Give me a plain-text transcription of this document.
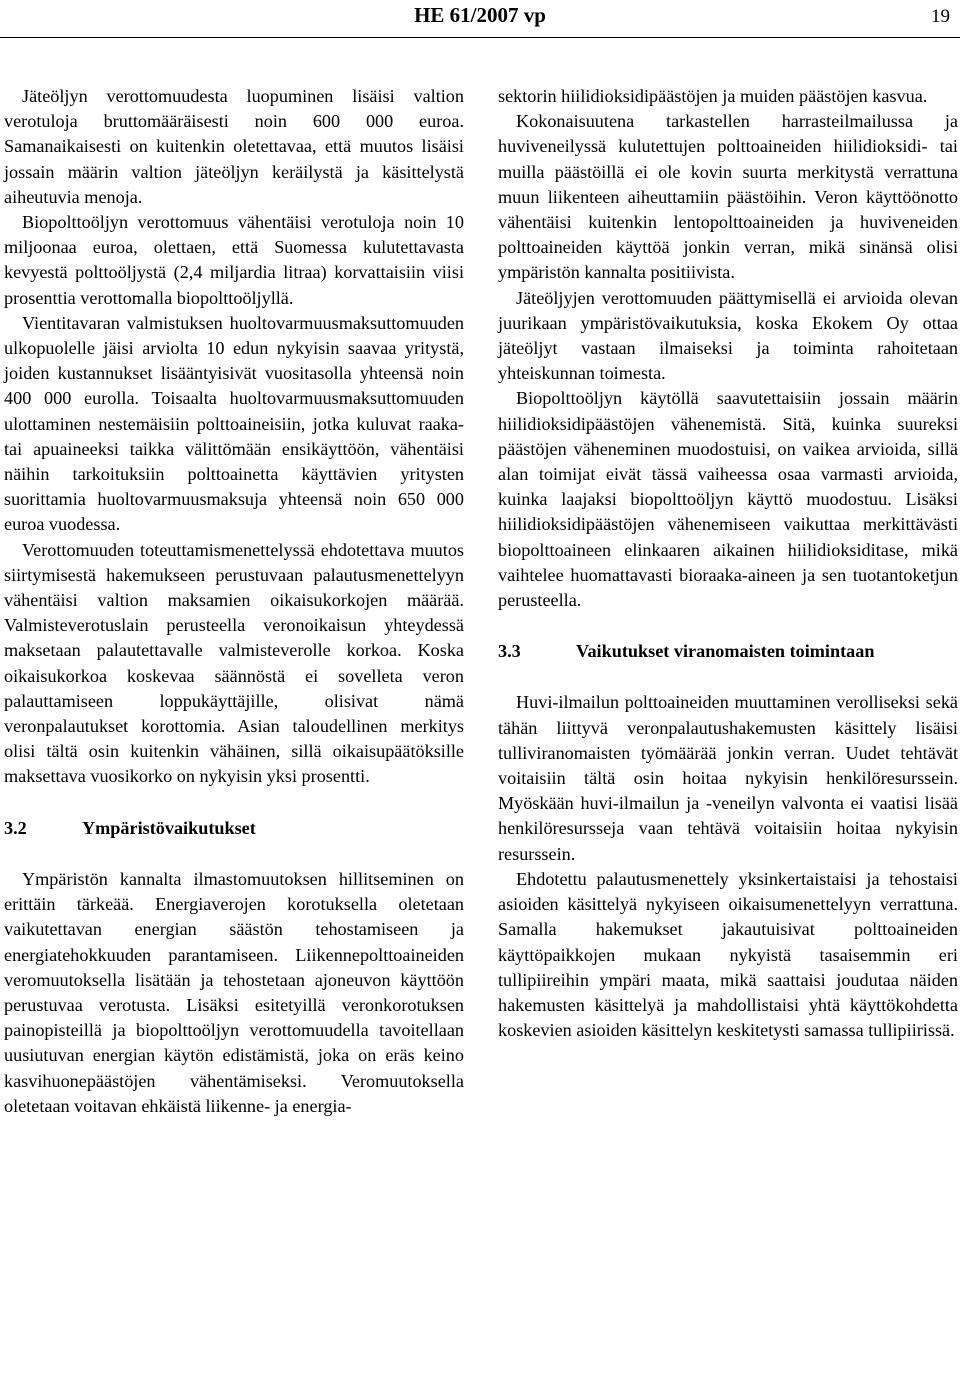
HE 61/2007 vp	19

Jäteöljyn verottomuudesta luopuminen lisäisi valtion verotuloja bruttomääräisesti noin 600 000 euroa. Samanaikaisesti on kuitenkin oletettavaa, että muutos lisäisi jossain määrin valtion jäteöljyn keräilystä ja käsittelystä aiheutuvia menoja.

Biopolttoöljyn verottomuus vähentäisi verotuloja noin 10 miljoonaa euroa, olettaen, että Suomessa kulutettavasta kevyestä polttoöljystä (2,4 miljardia litraa) korvattaisiin viisi prosenttia verottomalla biopolttoöljyllä.

Vientitavaran valmistuksen huoltovarmuusmaksuttomuuden ulkopuolelle jäisi arviolta 10 edun nykyisin saavaa yritystä, joiden kustannukset lisääntyisivät vuositasolla yhteensä noin 400 000 eurolla. Toisaalta huoltovarmuusmaksuttomuuden ulottaminen nestemäisiin polttoaineisiin, jotka kuluvat raaka- tai apuaineeksi taikka välittömään ensikäyttöön, vähentäisi näihin tarkoituksiin polttoainetta käyttävien yritysten suorittamia huoltovarmuusmaksuja yhteensä noin 650 000 euroa vuodessa.

Verottomuuden toteuttamismenettelyssä ehdotettava muutos siirtymisestä hakemukseen perustuvaan palautusmenettelyyn vähentäisi valtion maksamien oikaisukorkojen määrää. Valmisteverotuslain perusteella veronoikaisun yhteydessä maksetaan palautettavalle valmisteverolle korkoa. Koska oikaisukorkoa koskevaa säännöstä ei sovelleta veron palauttamiseen loppukäyttäjille, olisivat nämä veronpalautukset korottomia. Asian taloudellinen merkitys olisi tältä osin kuitenkin vähäinen, sillä oikaisupäätöksille maksettava vuosikorko on nykyisin yksi prosentti.

3.2	Ympäristövaikutukset

Ympäristön kannalta ilmastomuutoksen hillitseminen on erittäin tärkeää. Energiaverojen korotuksella oletetaan vaikutettavan energian säästön tehostamiseen ja energiatehokkuuden parantamiseen. Liikennepolttoaineiden veromuutoksella lisätään ja tehostetaan ajoneuvon käyttöön perustuvaa verotusta. Lisäksi esitetyillä veronkorotuksen painopisteillä ja biopolttoöljyn verottomuudella tavoitellaan uusiutuvan energian käytön edistämistä, joka on eräs keino kasvihuonepäästöjen vähentämiseksi. Veromuutoksella oletetaan voitavan ehkäistä liikenne- ja energia-

sektorin hiilidioksidipäästöjen ja muiden päästöjen kasvua.

Kokonaisuutena tarkastellen harrasteilmailussa ja huviveneilyssä kulutettujen polttoaineiden hiilidioksidi- tai muilla päästöillä ei ole kovin suurta merkitystä verrattuna muun liikenteen aiheuttamiin päästöihin. Veron käyttöönotto vähentäisi kuitenkin lentopolttoaineiden ja huviveneiden polttoaineiden käyttöä jonkin verran, mikä sinänsä olisi ympäristön kannalta positiivista.

Jäteöljyjen verottomuuden päättymisellä ei arvioida olevan juurikaan ympäristövaikutuksia, koska Ekokem Oy ottaa jäteöljyt vastaan ilmaiseksi ja toiminta rahoitetaan yhteiskunnan toimesta.

Biopolttoöljyn käytöllä saavutettaisiin jossain määrin hiilidioksidipäästöjen vähenemistä. Sitä, kuinka suureksi päästöjen väheneminen muodostuisi, on vaikea arvioida, sillä alan toimijat eivät tässä vaiheessa osaa varmasti arvioida, kuinka laajaksi biopolttoöljyn käyttö muodostuu. Lisäksi hiilidioksidipäästöjen vähenemiseen vaikuttaa merkittävästi biopolttoaineen elinkaaren aikainen hiilidioksiditase, mikä vaihtelee huomattavasti bioraaka-aineen ja sen tuotantoketjun perusteella.

3.3	Vaikutukset viranomaisten toimintaan

Huvi-ilmailun polttoaineiden muuttaminen verolliseksi sekä tähän liittyvä veronpalautushakemusten käsittely lisäisi tulliviranomaisten työmäärää jonkin verran. Uudet tehtävät voitaisiin tältä osin hoitaa nykyisin henkilöresurssein. Myöskään huvi-ilmailun ja -veneilyn valvonta ei vaatisi lisää henkilöresursseja vaan tehtävä voitaisiin hoitaa nykyisin resurssein.

Ehdotettu palautusmenettely yksinkertaistaisi ja tehostaisi asioiden käsittelyä nykyiseen oikaisumenettelyyn verrattuna. Samalla hakemukset jakautuisivat polttoaineiden käyttöpaikkojen mukaan nykyistä tasaisemmin eri tullipiireihin ympäri maata, mikä saattaisi joudutaa näiden hakemusten käsittelyä ja mahdollistaisi yhtä käyttökohdetta koskevien asioiden käsittelyn keskitetysti samassa tullipiirissä.
